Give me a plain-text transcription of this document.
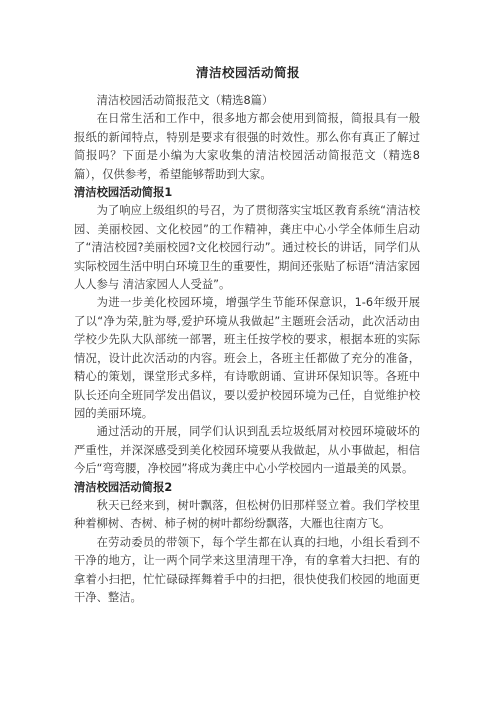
清洁校园活动简报

清洁校园活动简报范文（精选8篇）

在日常生活和工作中，很多地方都会使用到简报，简报具有一般报纸的新闻特点，特别是要求有很强的时效性。那么你有真正了解过简报吗？下面是小编为大家收集的清洁校园活动简报范文（精选8篇），仅供参考，希望能够帮助到大家。

清洁校园活动简报1

为了响应上级组织的号召，为了贯彻落实宝坻区教育系统“清洁校园、美丽校园、文化校园”的工作精神，龚庄中心小学全体师生启动了“清洁校园?美丽校园?文化校园行动”。通过校长的讲话，同学们从实际校园生活中明白环境卫生的重要性，期间还张贴了标语“清洁家园人人参与 清洁家园人人受益”。

为进一步美化校园环境，增强学生节能环保意识，1-6年级开展了以“净为荣,脏为辱,爱护环境从我做起”主题班会活动，此次活动由学校少先队大队部统一部署，班主任按学校的要求，根据本班的实际情况，设计此次活动的内容。班会上，各班主任都做了充分的准备，精心的策划，课堂形式多样，有诗歌朗诵、宣讲环保知识等。各班中队长还向全班同学发出倡议，要以爱护校园环境为己任，自觉维护校园的美丽环境。

通过活动的开展，同学们认识到乱丢垃圾纸屑对校园环境破坏的严重性，并深深感受到美化校园环境要从我做起，从小事做起，相信今后“弯弯腰，净校园”将成为龚庄中心小学校园内一道最美的风景。

清洁校园活动简报2

秋天已经来到，树叶飘落，但松树仍旧那样竖立着。我们学校里种着柳树、杏树、柿子树的树叶都纷纷飘落，大雁也往南方飞。

在劳动委员的带领下，每个学生都在认真的扫地，小组长看到不干净的地方，让一两个同学来这里清理干净，有的拿着大扫把、有的拿着小扫把，忙忙碌碌挥舞着手中的扫把，很快使我们校园的地面更干净、整洁。
